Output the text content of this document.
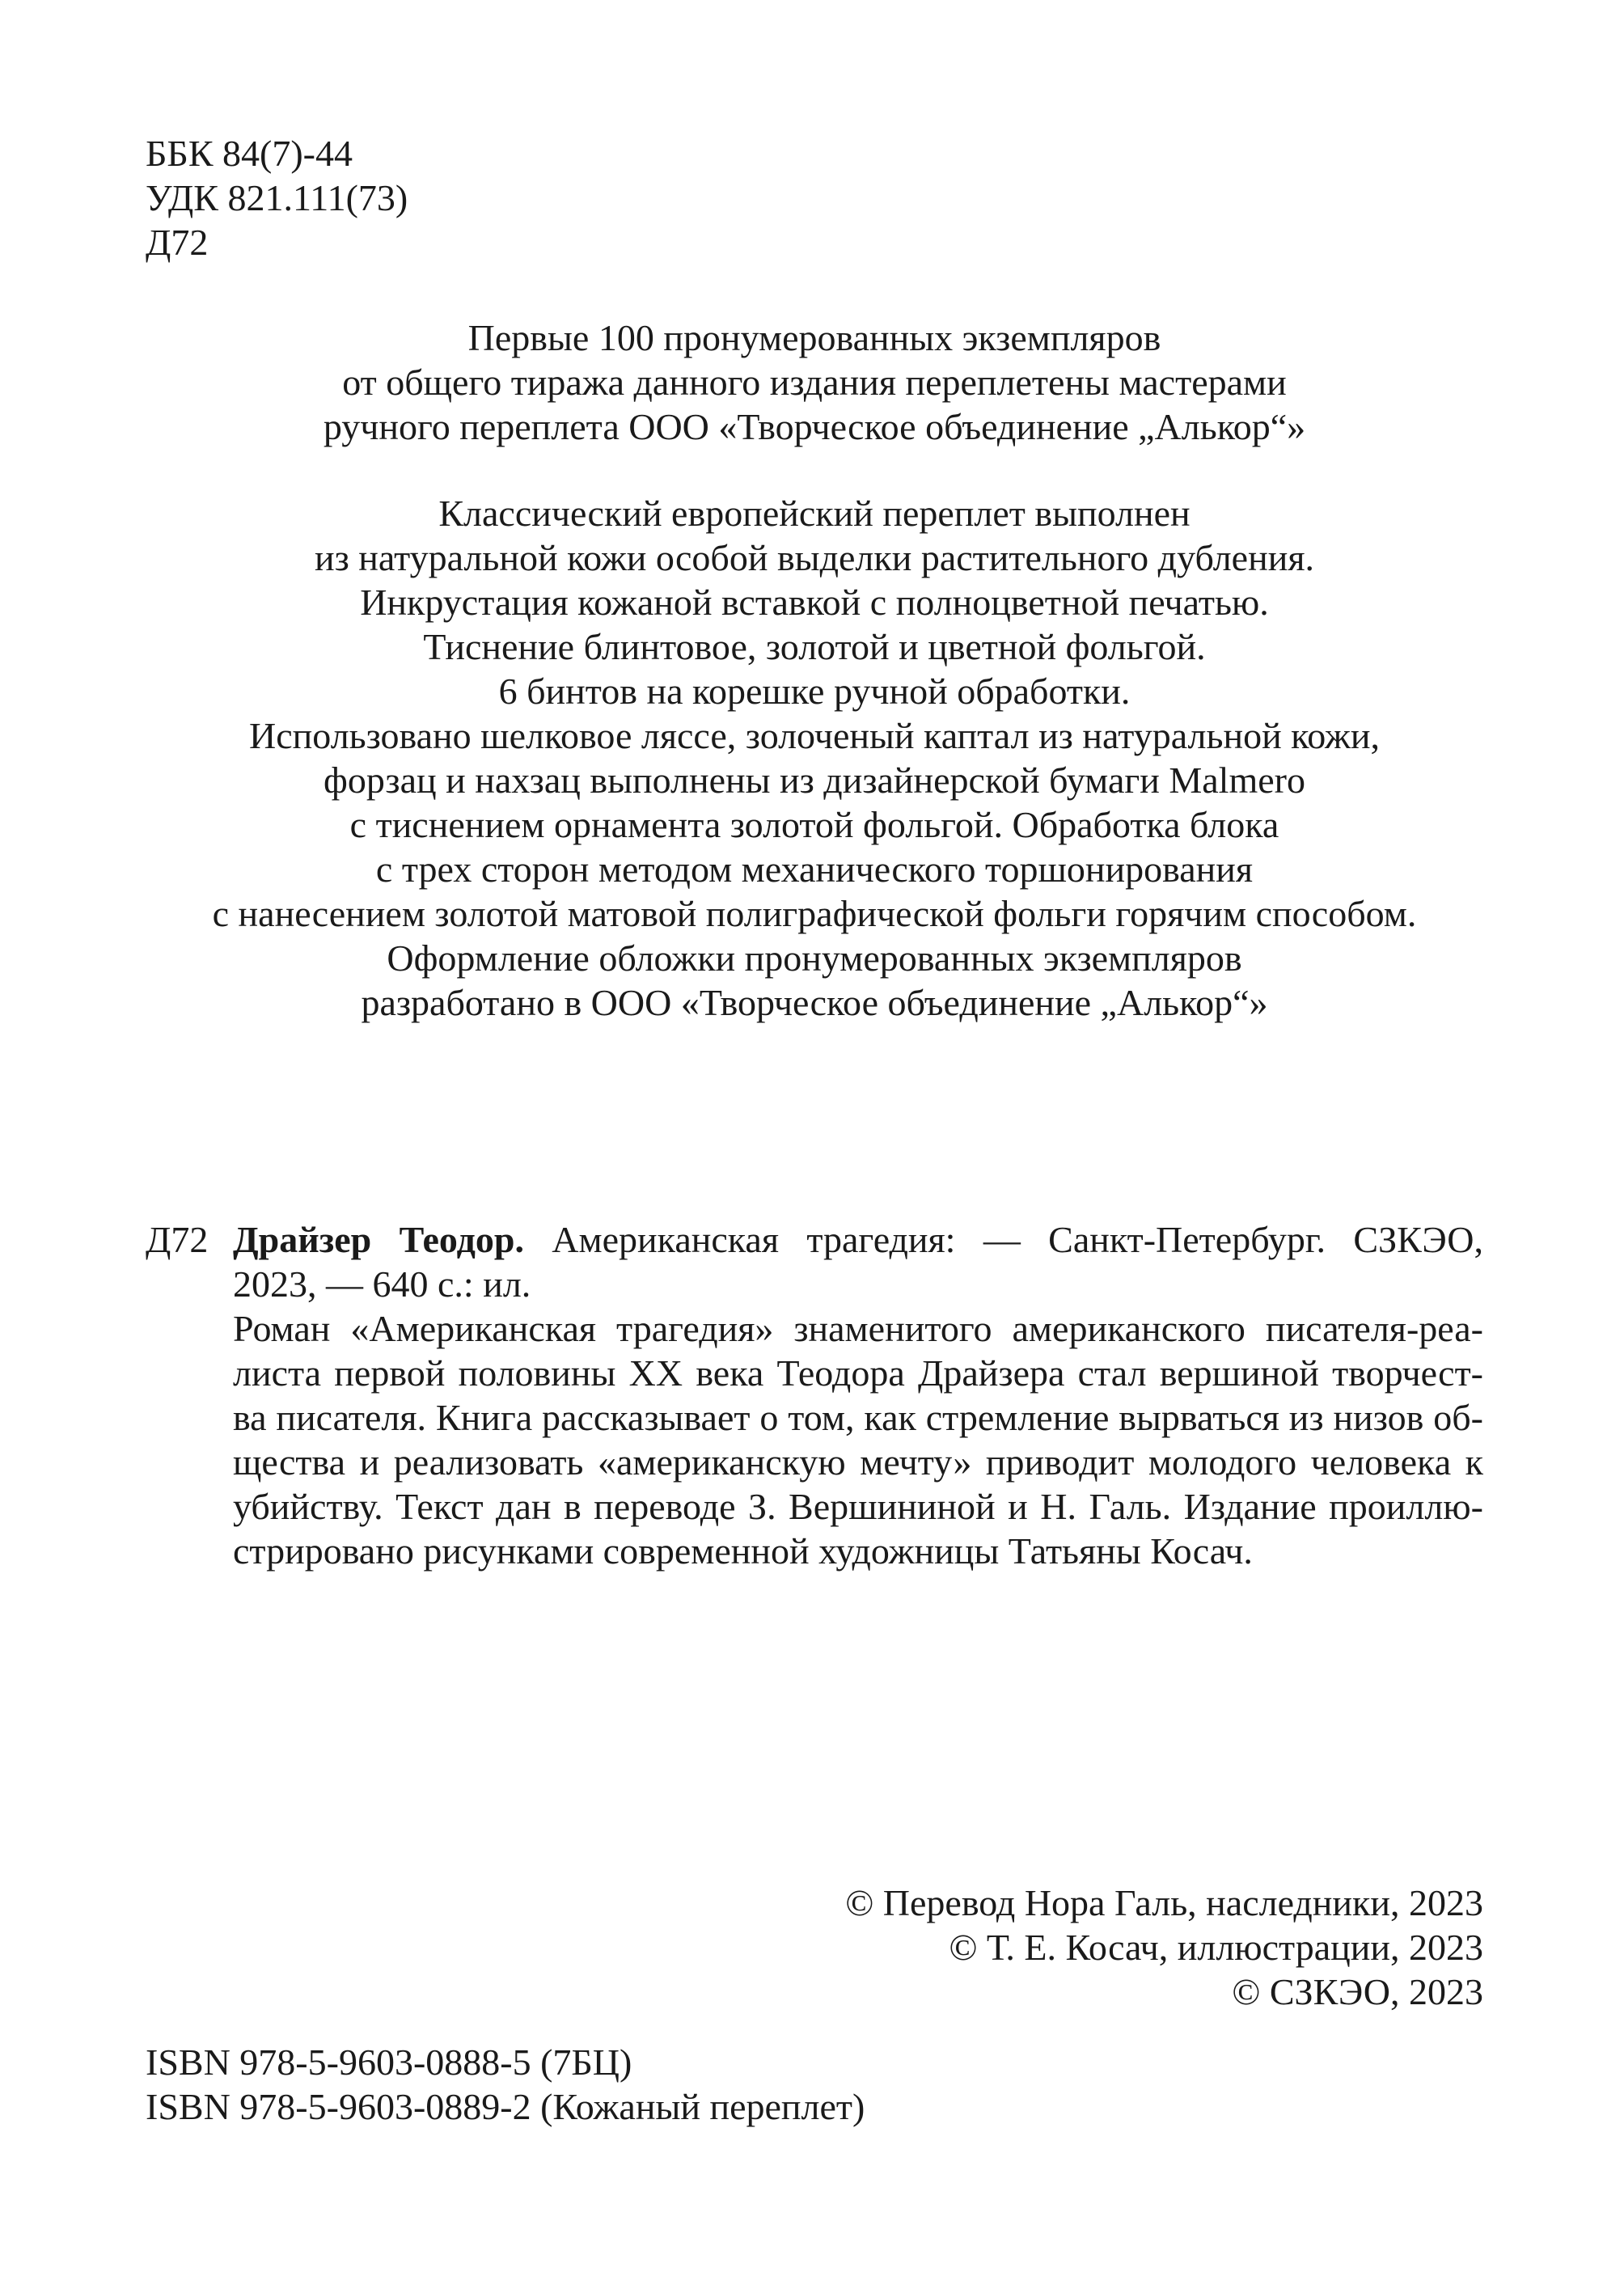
ББК 84(7)-44
УДК 821.111(73)
Д72
Первые 100 пронумерованных экземпляров
от общего тиража данного издания переплетены мастерами
ручного переплета ООО «Творческое объединение „Алькор“»
Классический европейский переплет выполнен
из натуральной кожи особой выделки растительного дубления.
Инкрустация кожаной вставкой с полноцветной печатью.
Тиснение блинтовое, золотой и цветной фольгой.
6 бинтов на корешке ручной обработки.
Использовано шелковое ляссе, золоченый каптал из натуральной кожи,
форзац и нахзац выполнены из дизайнерской бумаги Malmero
с тиснением орнамента золотой фольгой. Обработка блока
с трех сторон методом механического торшонирования
с нанесением золотой матовой полиграфической фольги горячим способом.
Оформление обложки пронумерованных экземпляров
разработано в ООО «Творческое объединение „Алькор“»
Д72 Драйзер Теодор. Американская трагедия: — Санкт-Петербург. СЗКЭО,
2023, — 640 с.: ил.
Роман «Американская трагедия» знаменитого американского писателя-реа-
листа первой половины XX века Теодора Драйзера стал вершиной творчест-
ва писателя. Книга рассказывает о том, как стремление вырваться из низов об-
щества и реализовать «американскую мечту» приводит молодого человека к
убийству. Текст дан в переводе З. Вершининой и Н. Галь. Издание проиллю-
стрировано рисунками современной художницы Татьяны Косач.
© Перевод Нора Галь, наследники, 2023
© Т. Е. Косач, иллюстрации, 2023
© СЗКЭО, 2023
ISBN 978-5-9603-0888-5 (7БЦ)
ISBN 978-5-9603-0889-2 (Кожаный переплет)
